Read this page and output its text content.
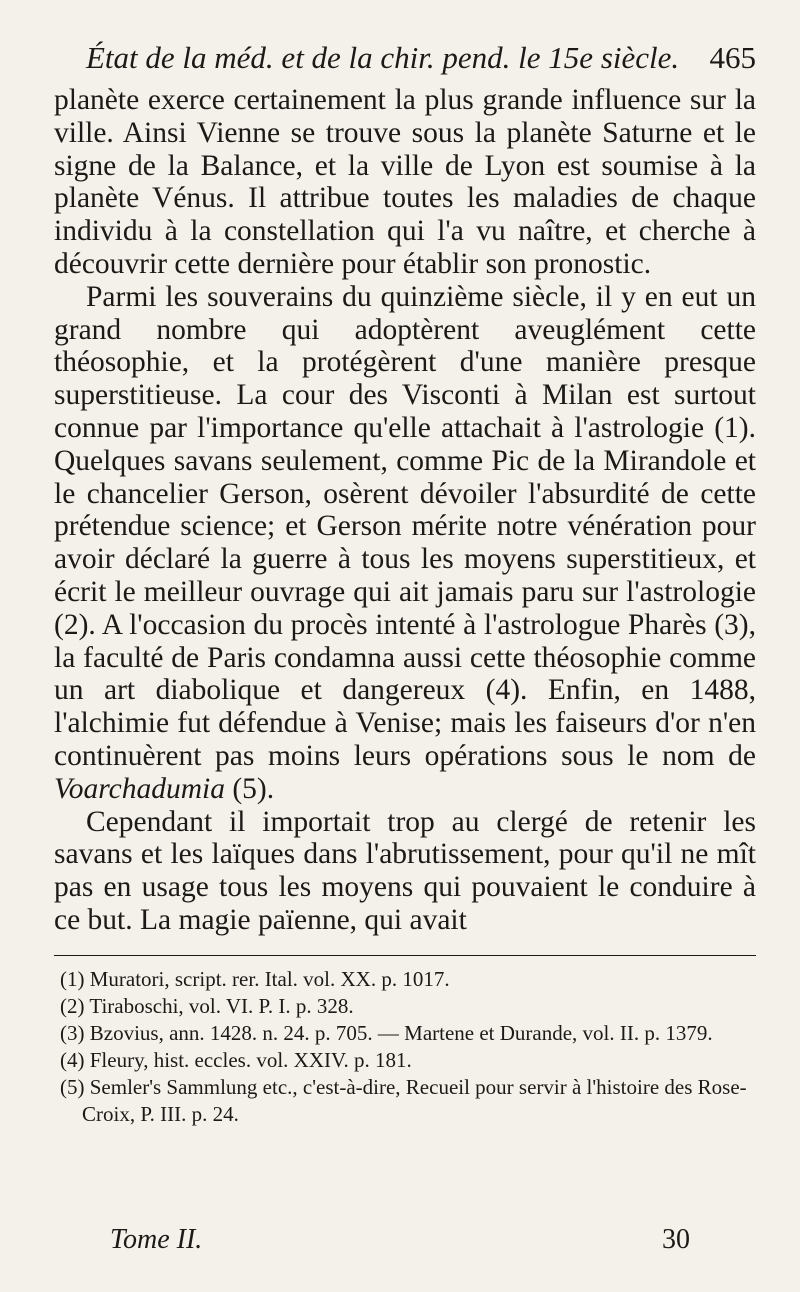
État de la méd. et de la chir. pend. le 15e siècle. 465

planète exerce certainement la plus grande influence sur la ville. Ainsi Vienne se trouve sous la planète Saturne et le signe de la Balance, et la ville de Lyon est soumise à la planète Vénus. Il attribue toutes les maladies de chaque individu à la constellation qui l'a vu naître, et cherche à découvrir cette dernière pour établir son pronostic.

Parmi les souverains du quinzième siècle, il y en eut un grand nombre qui adoptèrent aveuglément cette théosophie, et la protégèrent d'une manière presque superstitieuse. La cour des Visconti à Milan est surtout connue par l'importance qu'elle attachait à l'astrologie (1). Quelques savans seulement, comme Pic de la Mirandole et le chancelier Gerson, osèrent dévoiler l'absurdité de cette prétendue science; et Gerson mérite notre vénération pour avoir déclaré la guerre à tous les moyens superstitieux, et écrit le meilleur ouvrage qui ait jamais paru sur l'astrologie (2). A l'occasion du procès intenté à l'astrologue Pharès (3), la faculté de Paris condamna aussi cette théosophie comme un art diabolique et dangereux (4). Enfin, en 1488, l'alchimie fut défendue à Venise; mais les faiseurs d'or n'en continuèrent pas moins leurs opérations sous le nom de Voarchadumia (5).

Cependant il importait trop au clergé de retenir les savans et les laïques dans l'abrutissement, pour qu'il ne mît pas en usage tous les moyens qui pouvaient le conduire à ce but. La magie païenne, qui avait

(1) Muratori, script. rer. Ital. vol. XX. p. 1017.

(2) Tiraboschi, vol. VI. P. I. p. 328.

(3) Bzovius, ann. 1428. n. 24. p. 705. — Martene et Durande, vol. II. p. 1379.

(4) Fleury, hist. eccles. vol. XXIV. p. 181.

(5) Semler's Sammlung etc., c'est-à-dire, Recueil pour servir à l'histoire des Rose-Croix, P. III. p. 24.

Tome II.	30
